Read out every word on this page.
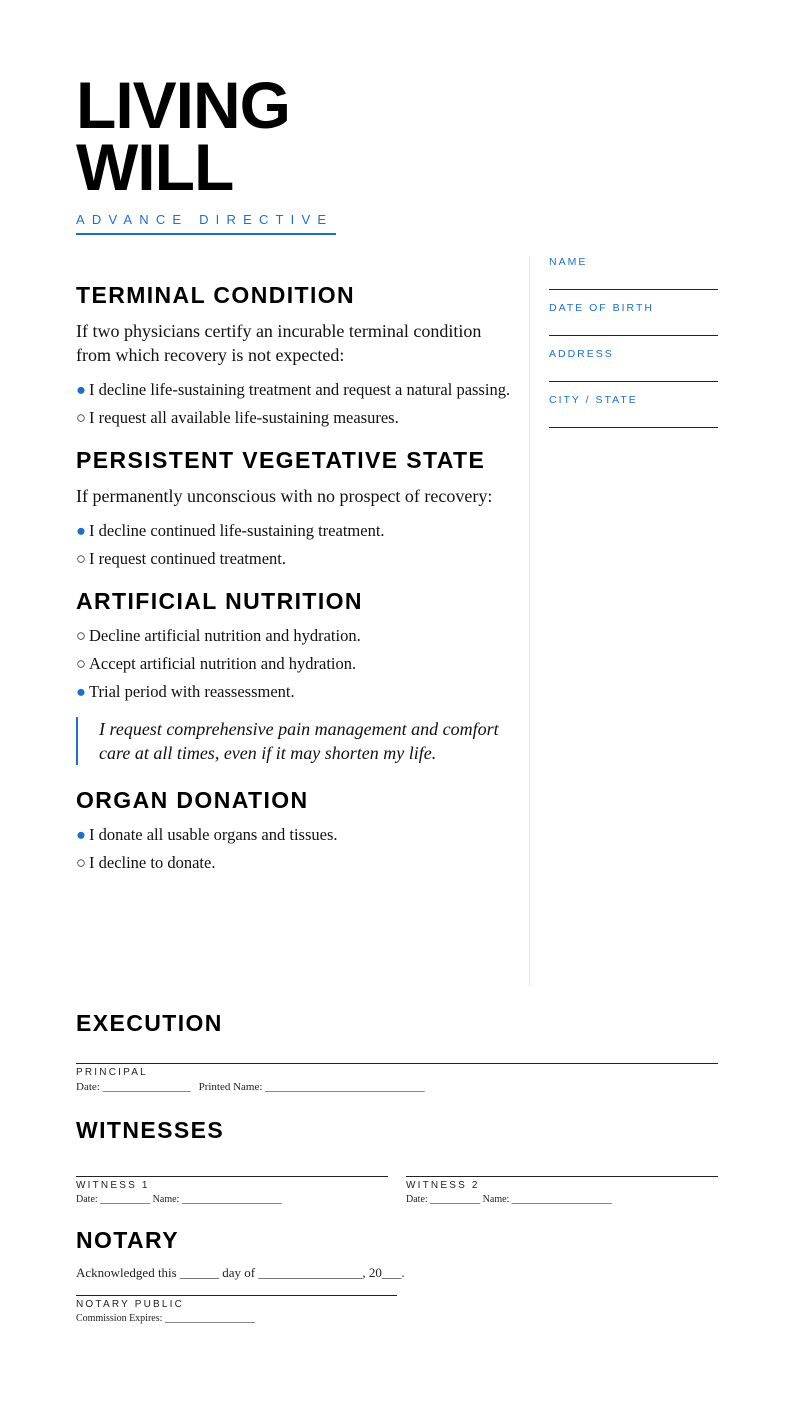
LIVING
WILL
ADVANCE DIRECTIVE
TERMINAL CONDITION

If two physicians certify an incurable terminal condition from which recovery is not expected:

● I decline life-sustaining treatment and request a natural passing.

○ I request all available life-sustaining measures.

PERSISTENT VEGETATIVE STATE

If permanently unconscious with no prospect of recovery:

● I decline continued life-sustaining treatment.

○ I request continued treatment.

ARTIFICIAL NUTRITION

○ Decline artificial nutrition and hydration.

○ Accept artificial nutrition and hydration.

● Trial period with reassessment.

I request comprehensive pain management and comfort care at all times, even if it may shorten my life.
ORGAN DONATION

● I donate all usable organs and tissues.

○ I decline to donate.

NAME
DATE OF BIRTH
ADDRESS
CITY / STATE
EXECUTION
PRINCIPAL
Date: ________________ Printed Name: _____________________________
WITNESSES
WITNESS 1
Date: __________ Name: ____________________
WITNESS 2
Date: __________ Name: ____________________
NOTARY
Acknowledged this ______ day of ________________, 20___.
NOTARY PUBLIC
Commission Expires: __________________
